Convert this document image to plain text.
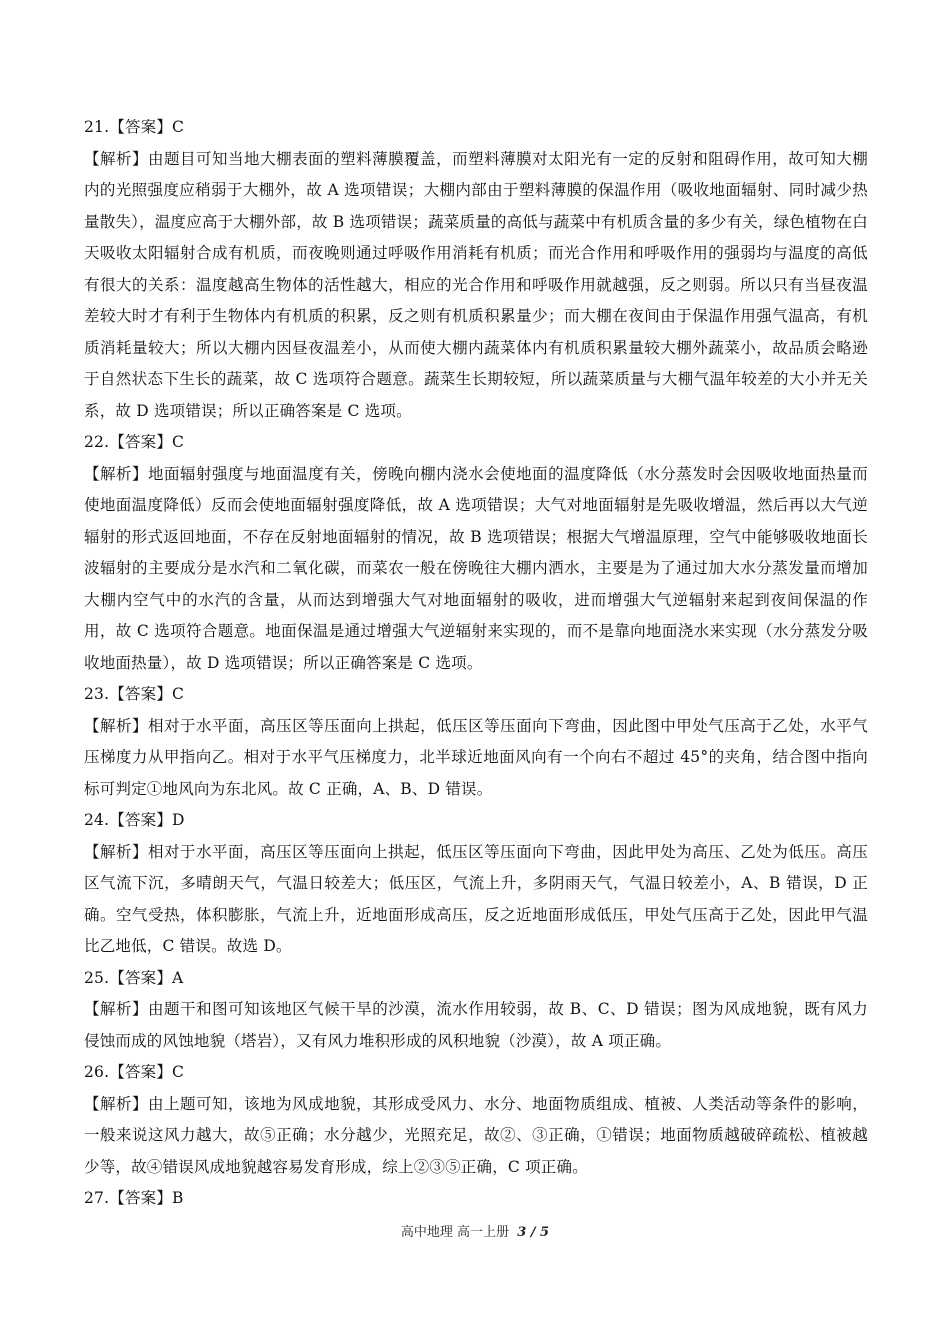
21.【答案】C

【解析】由题目可知当地大棚表面的塑料薄膜覆盖，而塑料薄膜对太阳光有一定的反射和阻碍作用，故可知大棚内的光照强度应稍弱于大棚外，故 A 选项错误；大棚内部由于塑料薄膜的保温作用（吸收地面辐射、同时减少热量散失），温度应高于大棚外部，故 B 选项错误；蔬菜质量的高低与蔬菜中有机质含量的多少有关，绿色植物在白天吸收太阳辐射合成有机质，而夜晚则通过呼吸作用消耗有机质；而光合作用和呼吸作用的强弱均与温度的高低有很大的关系：温度越高生物体的活性越大，相应的光合作用和呼吸作用就越强，反之则弱。所以只有当昼夜温差较大时才有利于生物体内有机质的积累，反之则有机质积累量少；而大棚在夜间由于保温作用强气温高，有机质消耗量较大；所以大棚内因昼夜温差小，从而使大棚内蔬菜体内有机质积累量较大棚外蔬菜小，故品质会略逊于自然状态下生长的蔬菜，故 C 选项符合题意。蔬菜生长期较短，所以蔬菜质量与大棚气温年较差的大小并无关系，故 D 选项错误；所以正确答案是 C 选项。

22.【答案】C

【解析】地面辐射强度与地面温度有关，傍晚向棚内浇水会使地面的温度降低（水分蒸发时会因吸收地面热量而使地面温度降低）反而会使地面辐射强度降低，故 A 选项错误；大气对地面辐射是先吸收增温，然后再以大气逆辐射的形式返回地面，不存在反射地面辐射的情况，故 B 选项错误；根据大气增温原理，空气中能够吸收地面长波辐射的主要成分是水汽和二氧化碳，而菜农一般在傍晚往大棚内洒水，主要是为了通过加大水分蒸发量而增加大棚内空气中的水汽的含量，从而达到增强大气对地面辐射的吸收，进而增强大气逆辐射来起到夜间保温的作用，故 C 选项符合题意。地面保温是通过增强大气逆辐射来实现的，而不是靠向地面浇水来实现（水分蒸发分吸收地面热量），故 D 选项错误；所以正确答案是 C 选项。

23.【答案】C

【解析】相对于水平面，高压区等压面向上拱起，低压区等压面向下弯曲，因此图中甲处气压高于乙处，水平气压梯度力从甲指向乙。相对于水平气压梯度力，北半球近地面风向有一个向右不超过 45°的夹角，结合图中指向标可判定①地风向为东北风。故 C 正确，A、B、D 错误。

24.【答案】D

【解析】相对于水平面，高压区等压面向上拱起，低压区等压面向下弯曲，因此甲处为高压、乙处为低压。高压区气流下沉，多晴朗天气，气温日较差大；低压区，气流上升，多阴雨天气，气温日较差小，A、B 错误，D 正确。空气受热，体积膨胀，气流上升，近地面形成高压，反之近地面形成低压，甲处气压高于乙处，因此甲气温比乙地低，C 错误。故选 D。

25.【答案】A

【解析】由题干和图可知该地区气候干旱的沙漠，流水作用较弱，故 B、C、D 错误；图为风成地貌，既有风力侵蚀而成的风蚀地貌（塔岩），又有风力堆积形成的风积地貌（沙漠），故 A 项正确。

26.【答案】C

【解析】由上题可知，该地为风成地貌，其形成受风力、水分、地面物质组成、植被、人类活动等条件的影响，一般来说这风力越大，故⑤正确；水分越少，光照充足，故②、③正确，①错误；地面物质越破碎疏松、植被越少等，故④错误风成地貌越容易发育形成，综上②③⑤正确，C 项正确。

27.【答案】B

高中地理 高一上册 3 / 5
